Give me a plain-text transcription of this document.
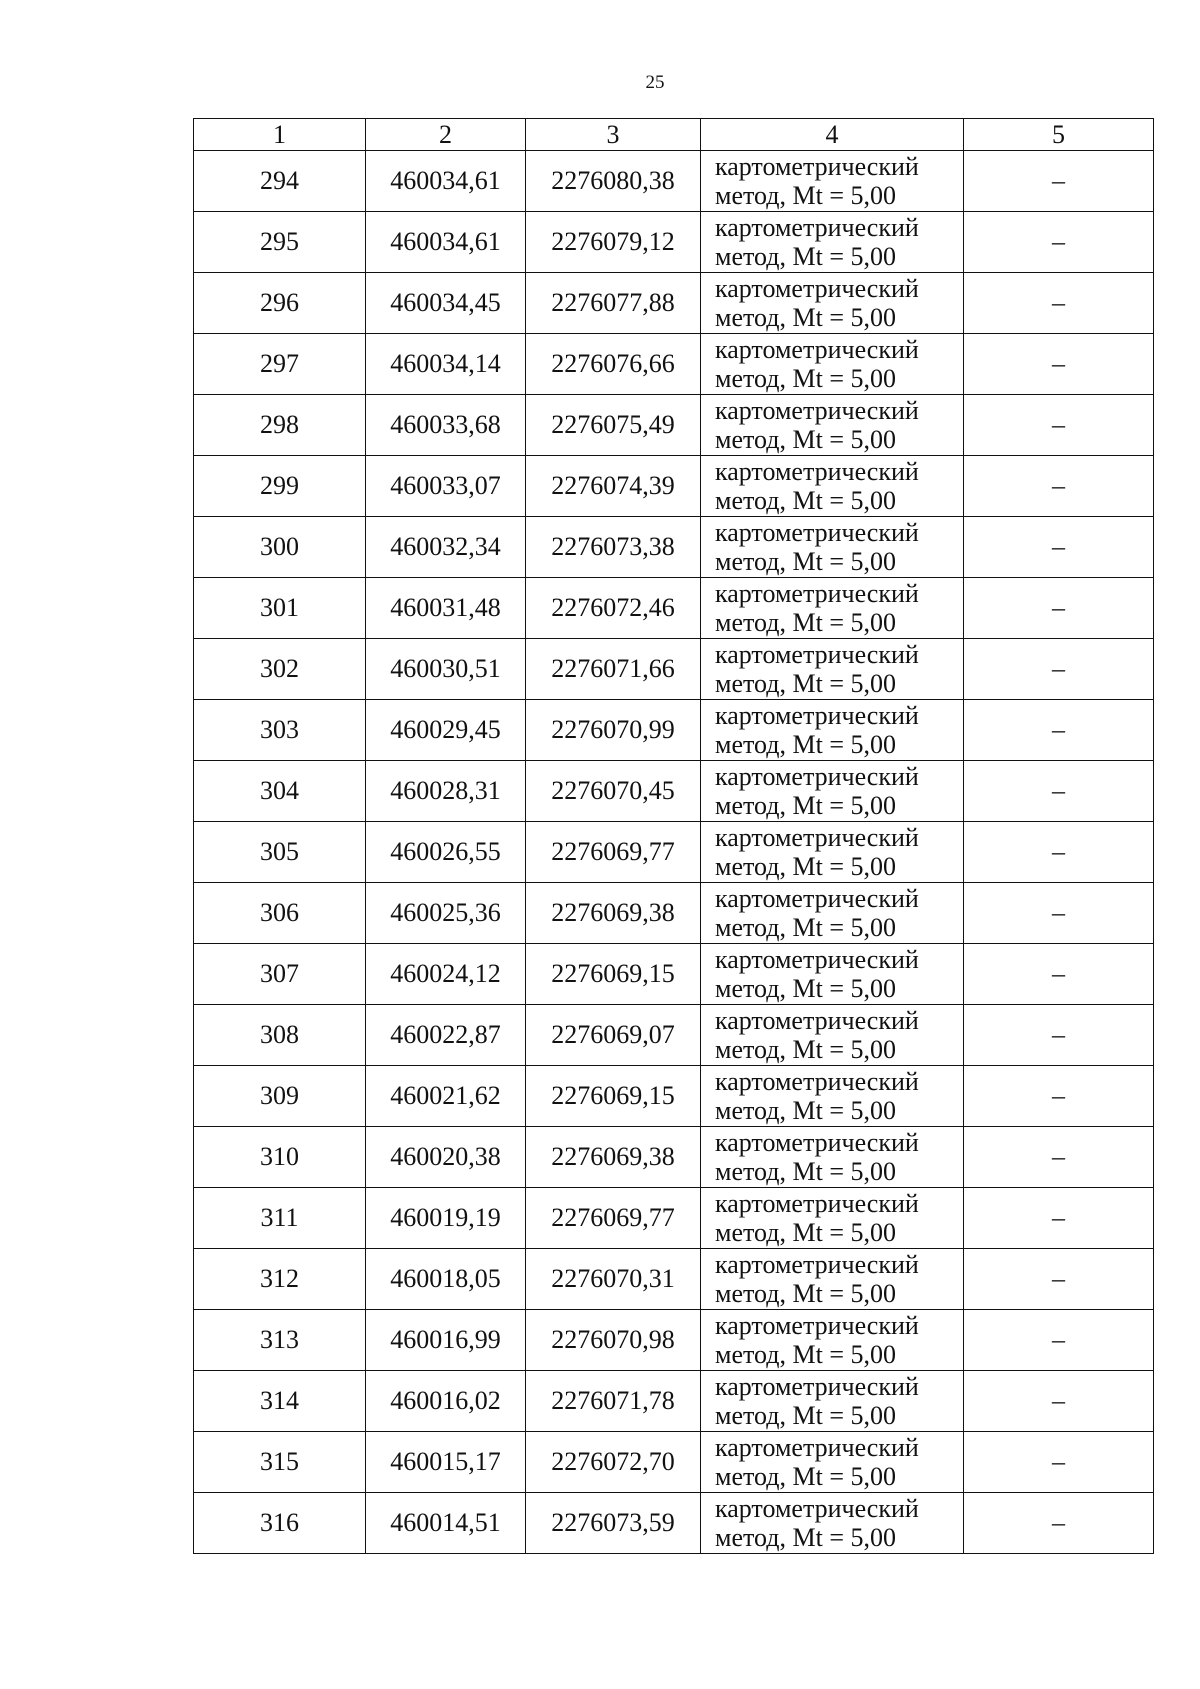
25
1	2	3	4	5
294	460034,61	2276080,38	картометрический
метод, Mt = 5,00	–
295	460034,61	2276079,12	картометрический
метод, Mt = 5,00	–
296	460034,45	2276077,88	картометрический
метод, Mt = 5,00	–
297	460034,14	2276076,66	картометрический
метод, Mt = 5,00	–
298	460033,68	2276075,49	картометрический
метод, Mt = 5,00	–
299	460033,07	2276074,39	картометрический
метод, Mt = 5,00	–
300	460032,34	2276073,38	картометрический
метод, Mt = 5,00	–
301	460031,48	2276072,46	картометрический
метод, Mt = 5,00	–
302	460030,51	2276071,66	картометрический
метод, Mt = 5,00	–
303	460029,45	2276070,99	картометрический
метод, Mt = 5,00	–
304	460028,31	2276070,45	картометрический
метод, Mt = 5,00	–
305	460026,55	2276069,77	картометрический
метод, Mt = 5,00	–
306	460025,36	2276069,38	картометрический
метод, Mt = 5,00	–
307	460024,12	2276069,15	картометрический
метод, Mt = 5,00	–
308	460022,87	2276069,07	картометрический
метод, Mt = 5,00	–
309	460021,62	2276069,15	картометрический
метод, Mt = 5,00	–
310	460020,38	2276069,38	картометрический
метод, Mt = 5,00	–
311	460019,19	2276069,77	картометрический
метод, Mt = 5,00	–
312	460018,05	2276070,31	картометрический
метод, Mt = 5,00	–
313	460016,99	2276070,98	картометрический
метод, Mt = 5,00	–
314	460016,02	2276071,78	картометрический
метод, Mt = 5,00	–
315	460015,17	2276072,70	картометрический
метод, Mt = 5,00	–
316	460014,51	2276073,59	картометрический
метод, Mt = 5,00	–
